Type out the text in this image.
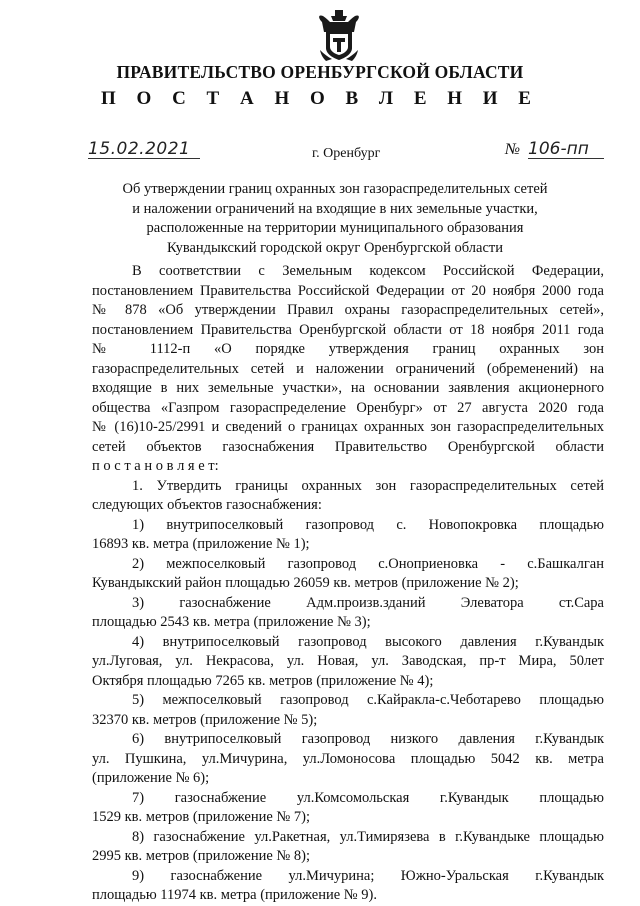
ПРАВИТЕЛЬСТВО ОРЕНБУРГСКОЙ ОБЛАСТИ
П О С Т А Н О В Л Е Н И Е
15.02.2021	г. Оренбург	№ 106-пп
Об утверждении границ охранных зон газораспределительных сетей
и наложении ограничений на входящие в них земельные участки,
расположенные на территории муниципального образования
Кувандыкский городской округ Оренбургской области
В соответствии с Земельным кодексом Российской Федерации,
постановлением Правительства Российской Федерации от 20 ноября 2000 года
№ 878 «Об утверждении Правил охраны газораспределительных сетей»,
постановлением Правительства Оренбургской области от 18 ноября 2011 года
№ 1112-п «О порядке утверждения границ охранных зон
газораспределительных сетей и наложении ограничений (обременений) на
входящие в них земельные участки», на основании заявления акционерного
общества «Газпром газораспределение Оренбург» от 27 августа 2020 года
№ (16)10-25/2991 и сведений о границах охранных зон газораспределительных
сетей объектов газоснабжения Правительство Оренбургской области
п о с т а н о в л я е т:
1. Утвердить границы охранных зон газораспределительных сетей
следующих объектов газоснабжения:
1) внутрипоселковый газопровод с. Новопокровка площадью
16893 кв. метра (приложение № 1);
2) межпоселковый газопровод с.Оноприеновка - с.Башкалган
Кувандыкский район площадью 26059 кв. метров (приложение № 2);
3) газоснабжение Адм.произв.зданий Элеватора ст.Сара
площадью 2543 кв. метра (приложение № 3);
4) внутрипоселковый газопровод высокого давления г.Кувандык
ул.Луговая, ул. Некрасова, ул. Новая, ул. Заводская, пр-т Мира, 50лет
Октября площадью 7265 кв. метров (приложение № 4);
5) межпоселковый газопровод с.Кайракла-с.Чеботарево площадью
32370 кв. метров (приложение № 5);
6) внутрипоселковый газопровод низкого давления г.Кувандык
ул. Пушкина, ул.Мичурина, ул.Ломоносова площадью 5042 кв. метра
(приложение № 6);
7) газоснабжение ул.Комсомольская г.Кувандык площадью
1529 кв. метров (приложение № 7);
8) газоснабжение ул.Ракетная, ул.Тимирязева в г.Кувандыке площадью
2995 кв. метров (приложение № 8);
9) газоснабжение ул.Мичурина; Южно-Уральская г.Кувандык
площадью 11974 кв. метра (приложение № 9).
